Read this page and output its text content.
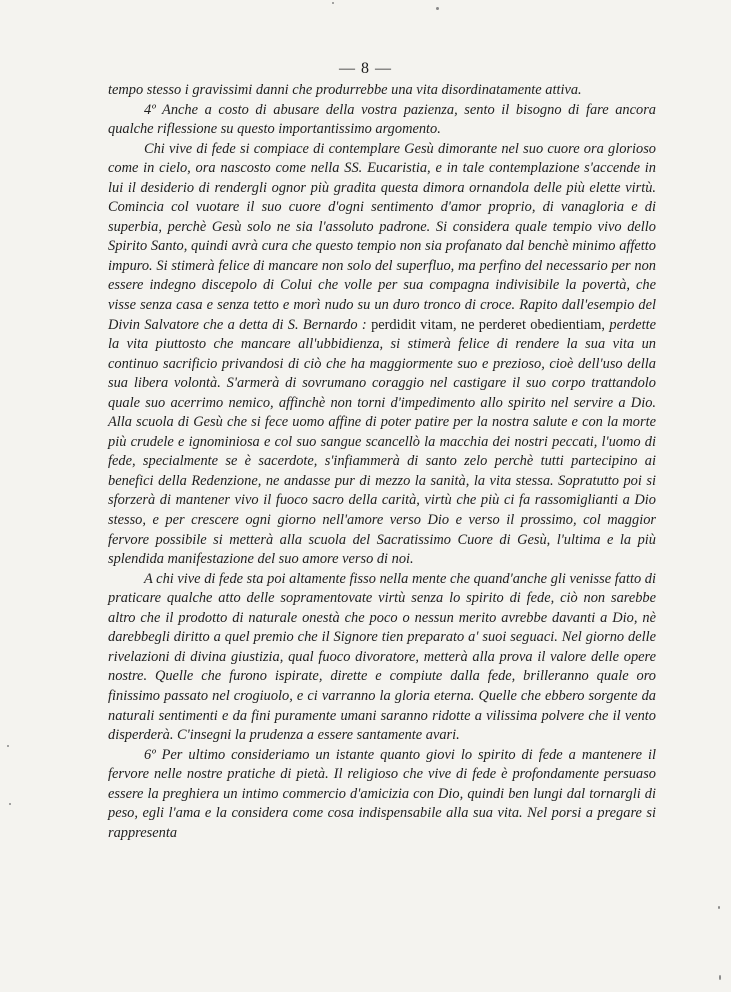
— 8 —

tempo stesso i gravissimi danni che produrrebbe una vita disordinatamente attiva.

4º Anche a costo di abusare della vostra pazienza, sento il bisogno di fare ancora qualche riflessione su questo importantissimo argomento.

Chi vive di fede si compiace di contemplare Gesù dimorante nel suo cuore ora glorioso come in cielo, ora nascosto come nella SS. Eucaristia, e in tale contemplazione s'accende in lui il desiderio di rendergli ognor più gradita questa dimora ornandola delle più elette virtù. Comincia col vuotare il suo cuore d'ogni sentimento d'amor proprio, di vanagloria e di superbia, perchè Gesù solo ne sia l'assoluto padrone. Si considera quale tempio vivo dello Spirito Santo, quindi avrà cura che questo tempio non sia profanato dal benchè minimo affetto impuro. Si stimerà felice di mancare non solo del superfluo, ma perfino del necessario per non essere indegno discepolo di Colui che volle per sua compagna indivisibile la povertà, che visse senza casa e senza tetto e morì nudo su un duro tronco di croce. Rapito dall'esempio del Divin Salvatore che a detta di S. Bernardo : perdidit vitam, ne perderet obedientiam, perdette la vita piuttosto che mancare all'ubbidienza, si stimerà felice di rendere la sua vita un continuo sacrificio privandosi di ciò che ha maggiormente suo e prezioso, cioè dell'uso della sua libera volontà. S'armerà di sovrumano coraggio nel castigare il suo corpo trattandolo quale suo acerrimo nemico, affinchè non torni d'impedimento allo spirito nel servire a Dio. Alla scuola di Gesù che si fece uomo affine di poter patire per la nostra salute e con la morte più crudele e ignominiosa e col suo sangue scancellò la macchia dei nostri peccati, l'uomo di fede, specialmente se è sacerdote, s'infiammerà di santo zelo perchè tutti partecipino ai benefici della Redenzione, ne andasse pur di mezzo la sanità, la vita stessa. Sopratutto poi si sforzerà di mantener vivo il fuoco sacro della carità, virtù che più ci fa rassomiglianti a Dio stesso, e per crescere ogni giorno nell'amore verso Dio e verso il prossimo, col maggior fervore possibile si metterà alla scuola del Sacratissimo Cuore di Gesù, l'ultima e la più splendida manifestazione del suo amore verso di noi.

A chi vive di fede sta poi altamente fisso nella mente che quand'anche gli venisse fatto di praticare qualche atto delle sopramentovate virtù senza lo spirito di fede, ciò non sarebbe altro che il prodotto di naturale onestà che poco o nessun merito avrebbe davanti a Dio, nè darebbegli diritto a quel premio che il Signore tien preparato a' suoi seguaci. Nel giorno delle rivelazioni di divina giustizia, qual fuoco divoratore, metterà alla prova il valore delle opere nostre. Quelle che furono ispirate, dirette e compiute dalla fede, brilleranno quale oro finissimo passato nel crogiuolo, e ci varranno la gloria eterna. Quelle che ebbero sorgente da naturali sentimenti e da fini puramente umani saranno ridotte a vilissima polvere che il vento disperderà. C'insegni la prudenza a essere santamente avari.

6º Per ultimo consideriamo un istante quanto giovi lo spirito di fede a mantenere il fervore nelle nostre pratiche di pietà. Il religioso che vive di fede è profondamente persuaso essere la preghiera un intimo commercio d'amicizia con Dio, quindi ben lungi dal tornargli di peso, egli l'ama e la considera come cosa indispensabile alla sua vita. Nel porsi a pregare si rappresenta
